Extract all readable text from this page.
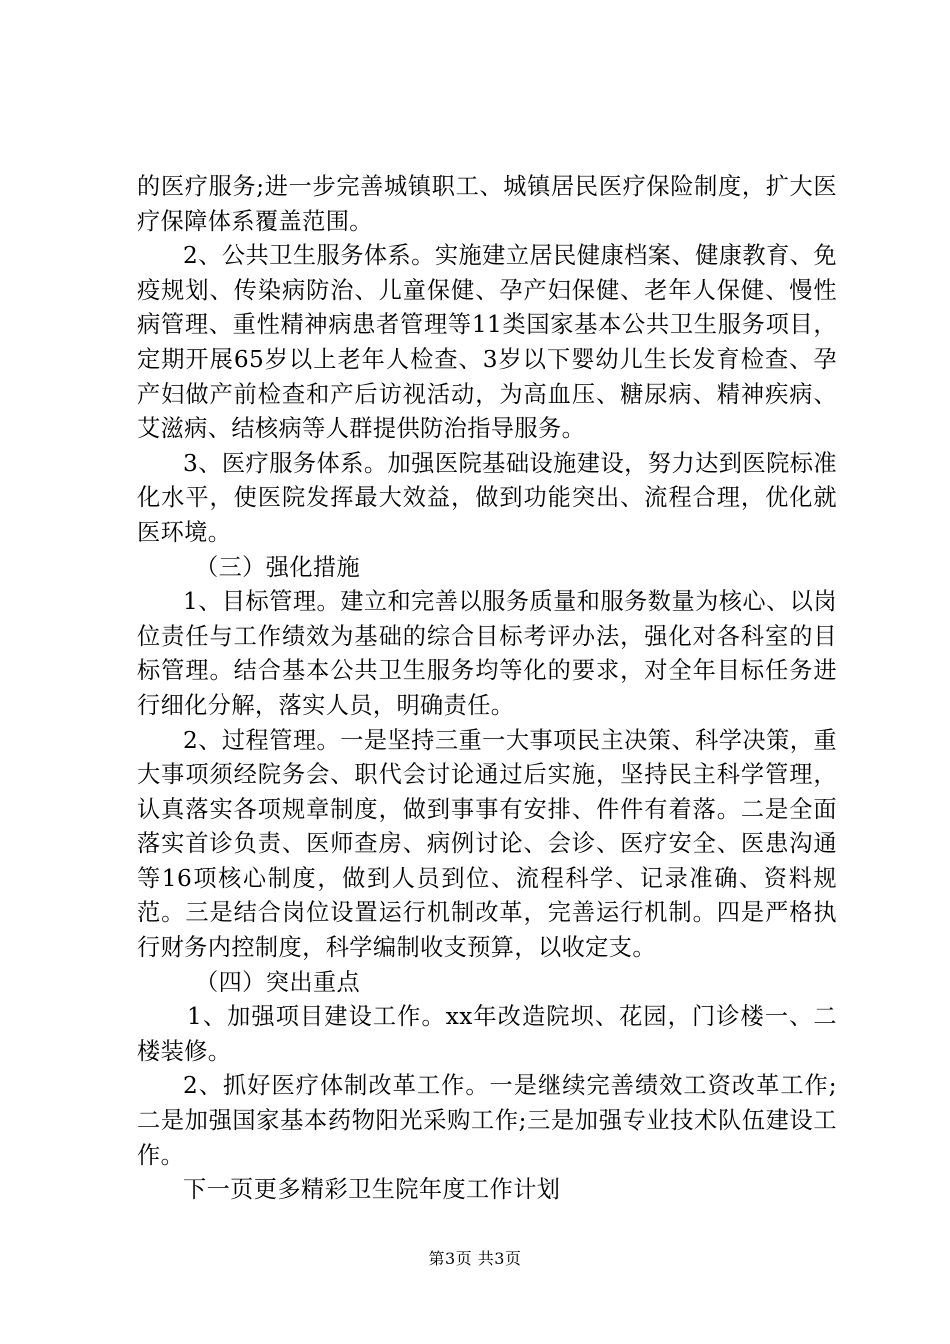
的医疗服务;进一步完善城镇职工、城镇居民医疗保险制度，扩大医疗保障体系覆盖范围。

2、公共卫生服务体系。实施建立居民健康档案、健康教育、免疫规划、传染病防治、儿童保健、孕产妇保健、老年人保健、慢性病管理、重性精神病患者管理等11类国家基本公共卫生服务项目，定期开展65岁以上老年人检查、3岁以下婴幼儿生长发育检查、孕产妇做产前检查和产后访视活动，为高血压、糖尿病、精神疾病、艾滋病、结核病等人群提供防治指导服务。

3、医疗服务体系。加强医院基础设施建设，努力达到医院标准化水平，使医院发挥最大效益，做到功能突出、流程合理，优化就医环境。

（三）强化措施

1、目标管理。建立和完善以服务质量和服务数量为核心、以岗位责任与工作绩效为基础的综合目标考评办法，强化对各科室的目标管理。结合基本公共卫生服务均等化的要求，对全年目标任务进行细化分解，落实人员，明确责任。

2、过程管理。一是坚持三重一大事项民主决策、科学决策，重大事项须经院务会、职代会讨论通过后实施，坚持民主科学管理，认真落实各项规章制度，做到事事有安排、件件有着落。二是全面落实首诊负责、医师查房、病例讨论、会诊、医疗安全、医患沟通等16项核心制度，做到人员到位、流程科学、记录准确、资料规范。三是结合岗位设置运行机制改革，完善运行机制。四是严格执行财务内控制度，科学编制收支预算，以收定支。

（四）突出重点

1、加强项目建设工作。xx年改造院坝、花园，门诊楼一、二楼装修。

2、抓好医疗体制改革工作。一是继续完善绩效工资改革工作;二是加强国家基本药物阳光采购工作;三是加强专业技术队伍建设工作。

下一页更多精彩卫生院年度工作计划

第3页 共3页
